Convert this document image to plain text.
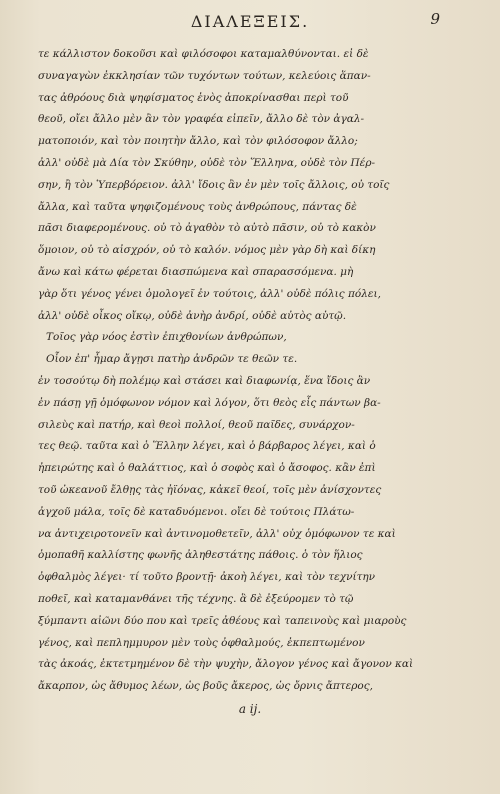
ΔΙΑΛΕΞΕΙΣ.	9
τε κάλλιστον δοκοῦσι καὶ φιλόσοφοι καταμαλθύνονται. εἰ δὲ
συναγαγὼν ἐκκλησίαν τῶν τυχόντων τούτων, κελεύοις ἅπαν-
τας ἀθρόους διὰ ψηφίσματος ἑνὸς ἀποκρίνασθαι περὶ τοῦ
θεοῦ, οἴει ἄλλο μὲν ἂν τὸν γραφέα εἰπεῖν, ἄλλο δὲ τὸν ἀγαλ-
ματοποιόν, καὶ τὸν ποιητὴν ἄλλο, καὶ τὸν φιλόσοφον ἄλλο;
ἀλλ' οὐδὲ μὰ Δία τὸν Σκύθην, οὐδὲ τὸν Ἕλληνα, οὐδὲ τὸν Πέρ-
σην, ἢ τὸν Ὑπερβόρειον. ἀλλ' ἴδοις ἂν ἐν μὲν τοῖς ἄλλοις, οὐ τοῖς
ἄλλα, καὶ ταῦτα ψηφιζομένους τοὺς ἀνθρώπους, πάντας δὲ
πᾶσι διαφερομένους. οὐ τὸ ἀγαθὸν τὸ αὐτὸ πᾶσιν, οὐ τὸ κακὸν
ὅμοιον, οὐ τὸ αἰσχρόν, οὐ τὸ καλόν. νόμος μὲν γὰρ δὴ καὶ δίκη
ἄνω καὶ κάτω φέρεται διασπώμενα καὶ σπαρασσόμενα. μὴ
γὰρ ὅτι γένος γένει ὁμολογεῖ ἐν τούτοις, ἀλλ' οὐδὲ πόλις πόλει,
ἀλλ' οὐδὲ οἶκος οἴκῳ, οὐδὲ ἀνὴρ ἀνδρί, οὐδὲ αὐτὸς αὑτῷ.
Τοῖος γὰρ νόος ἐστὶν ἐπιχθονίων ἀνθρώπων,
Οἷον ἐπ' ἦμαρ ἄγῃσι πατὴρ ἀνδρῶν τε θεῶν τε.
ἐν τοσούτῳ δὴ πολέμῳ καὶ στάσει καὶ διαφωνίᾳ, ἕνα ἴδοις ἂν
ἐν πάσῃ γῇ ὁμόφωνον νόμον καὶ λόγον, ὅτι θεὸς εἷς πάντων βα-
σιλεὺς καὶ πατήρ, καὶ θεοὶ πολλοί, θεοῦ παῖδες, συνάρχον-
τες θεῷ. ταῦτα καὶ ὁ Ἕλλην λέγει, καὶ ὁ βάρβαρος λέγει, καὶ ὁ
ἠπειρώτης καὶ ὁ θαλάττιος, καὶ ὁ σοφὸς καὶ ὁ ἄσοφος. κἂν ἐπὶ
τοῦ ὠκεανοῦ ἔλθῃς τὰς ἠϊόνας, κἀκεῖ θεοί, τοῖς μὲν ἀνίσχοντες
ἀγχοῦ μάλα, τοῖς δὲ καταδυόμενοι. οἴει δὲ τούτοις Πλάτω-
να ἀντιχειροτονεῖν καὶ ἀντινομοθετεῖν, ἀλλ' οὐχ ὁμόφωνον τε καὶ
ὁμοπαθῆ καλλίστης φωνῆς ἀληθεστάτης πάθοις. ὁ τὸν ἥλιος
ὀφθαλμὸς λέγει· τί τοῦτο βροντῇ· ἀκοὴ λέγει, καὶ τὸν τεχνίτην
ποθεῖ, καὶ καταμανθάνει τῆς τέχνης. ἃ δὲ ἐξεύρομεν τὸ τῷ
ξύμπαντι αἰῶνι δύο που καὶ τρεῖς ἀθέους καὶ ταπεινοὺς καὶ μιαροὺς
γένος, καὶ πεπλημμυρον μὲν τοὺς ὀφθαλμούς, ἐκπεπτωμένον
τὰς ἀκοάς, ἐκτετμημένον δὲ τὴν ψυχὴν, ἄλογον γένος καὶ ἄγονον καὶ
ἄκαρπον, ὡς ἄθυμος λέων, ὡς βοῦς ἄκερος, ὡς ὄρνις ἄπτερος,
a ij.
